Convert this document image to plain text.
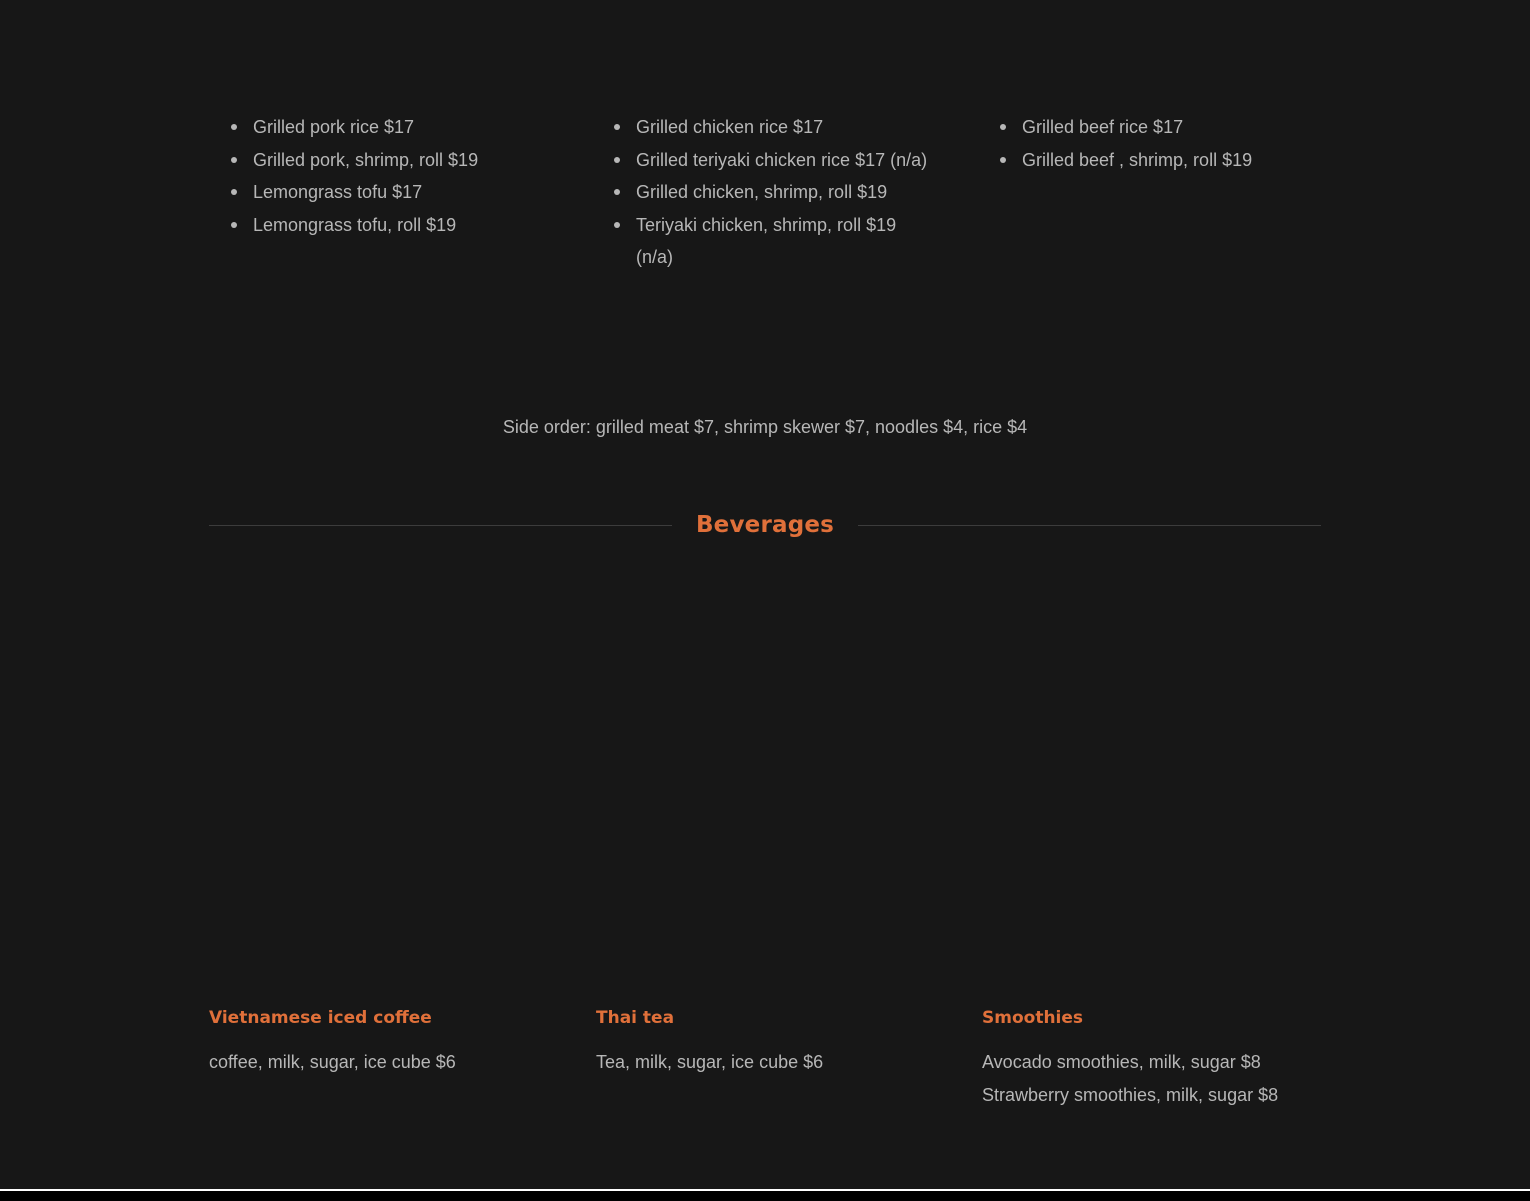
Grilled pork rice $17
Grilled pork, shrimp, roll $19
Lemongrass tofu $17
Lemongrass tofu, roll $19
Grilled chicken rice $17
Grilled teriyaki chicken rice $17 (n/a)
Grilled chicken, shrimp, roll $19
Teriyaki chicken, shrimp, roll $19 (n/a)
Grilled beef rice $17
Grilled beef , shrimp, roll $19
Side order: grilled meat $7, shrimp skewer $7, noodles $4, rice $4
Beverages
Vietnamese iced coffee
coffee, milk, sugar, ice cube $6
Thai tea
Tea, milk, sugar, ice cube $6
Smoothies
Avocado smoothies, milk, sugar $8
Strawberry smoothies, milk, sugar $8
